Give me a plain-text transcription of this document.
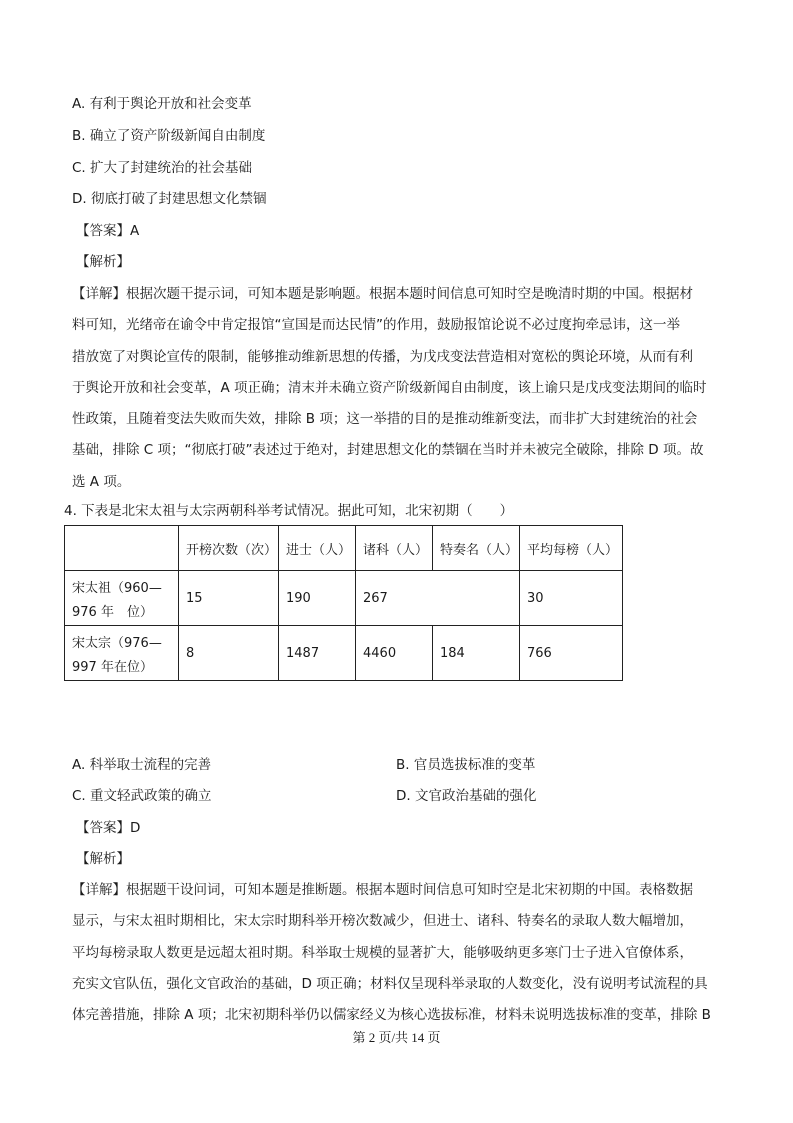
A. 有利于舆论开放和社会变革
B. 确立了资产阶级新闻自由制度
C. 扩大了封建统治的社会基础
D. 彻底打破了封建思想文化禁锢
【答案】A
【解析】
【详解】根据次题干提示词，可知本题是影响题。根据本题时间信息可知时空是晚清时期的中国。根据材
料可知，光绪帝在谕令中肯定报馆“宣国是而达民情”的作用，鼓励报馆论说不必过度拘牵忌讳，这一举
措放宽了对舆论宣传的限制，能够推动维新思想的传播，为戊戌变法营造相对宽松的舆论环境，从而有利
于舆论开放和社会变革，A 项正确；清末并未确立资产阶级新闻自由制度，该上谕只是戊戌变法期间的临时
性政策，且随着变法失败而失效，排除 B 项；这一举措的目的是推动维新变法，而非扩大封建统治的社会
基础，排除 C 项；“彻底打破”表述过于绝对，封建思想文化的禁锢在当时并未被完全破除，排除 D 项。故
选 A 项。
4. 下表是北宋太祖与太宗两朝科举考试情况。据此可知，北宋初期（　　）
	开榜次数（次）	进士（人）	诸科（人）	特奏名（人）	平均每榜（人）

宋太祖（960—
976 年　位）	15	190	267		30

宋太宗（976—
997 年在位）	8	1487	4460	184	766
A. 科举取士流程的完善	B. 官员选拔标准的变革
C. 重文轻武政策的确立	D. 文官政治基础的强化
【答案】D
【解析】
【详解】根据题干设问词，可知本题是推断题。根据本题时间信息可知时空是北宋初期的中国。表格数据
显示，与宋太祖时期相比，宋太宗时期科举开榜次数减少，但进士、诸科、特奏名的录取人数大幅增加，
平均每榜录取人数更是远超太祖时期。科举取士规模的显著扩大，能够吸纳更多寒门士子进入官僚体系，
充实文官队伍，强化文官政治的基础，D 项正确；材料仅呈现科举录取的人数变化，没有说明考试流程的具
体完善措施，排除 A 项；北宋初期科举仍以儒家经义为核心选拔标准，材料未说明选拔标准的变革，排除 B
第 2 页/共 14 页
